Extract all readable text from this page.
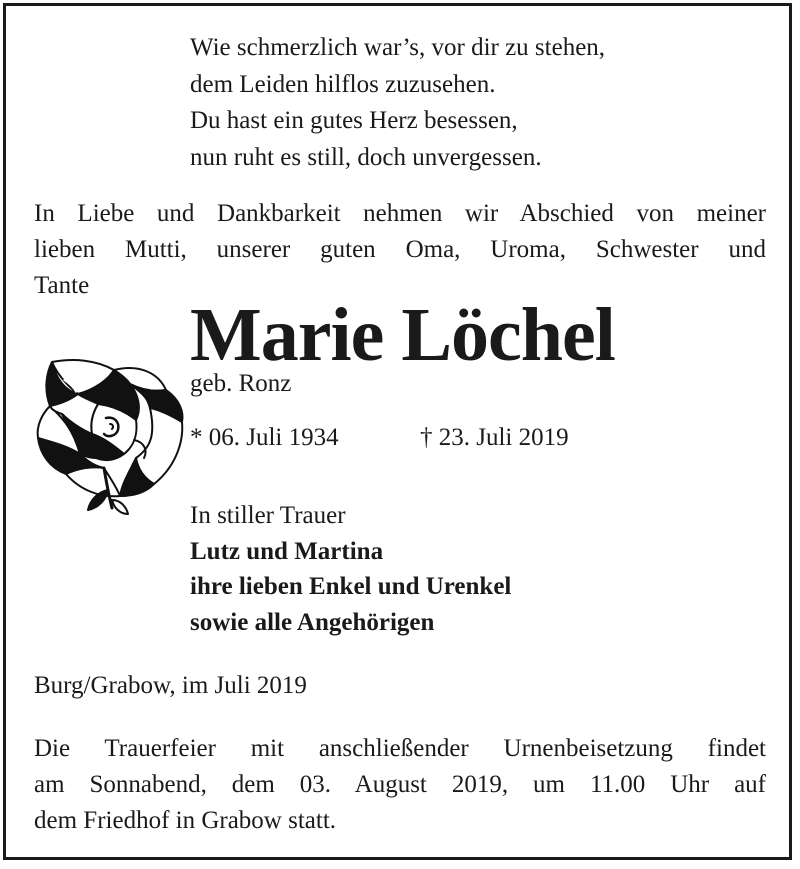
Wie schmerzlich war’s, vor dir zu stehen,
dem Leiden hilflos zuzusehen.
Du hast ein gutes Herz besessen,
nun ruht es still, doch unvergessen.
In Liebe und Dankbarkeit nehmen wir Abschied von meiner
lieben Mutti, unserer guten Oma, Uroma, Schwester und
Tante
Marie Löchel
geb. Ronz
* 06. Juli 1934	† 23. Juli 2019
In stiller Trauer
Lutz und Martina
ihre lieben Enkel und Urenkel
sowie alle Angehörigen
Burg/Grabow, im Juli 2019
Die Trauerfeier mit anschließender Urnenbeisetzung findet
am Sonnabend, dem 03. August 2019, um 11.00 Uhr auf
dem Friedhof in Grabow statt.
